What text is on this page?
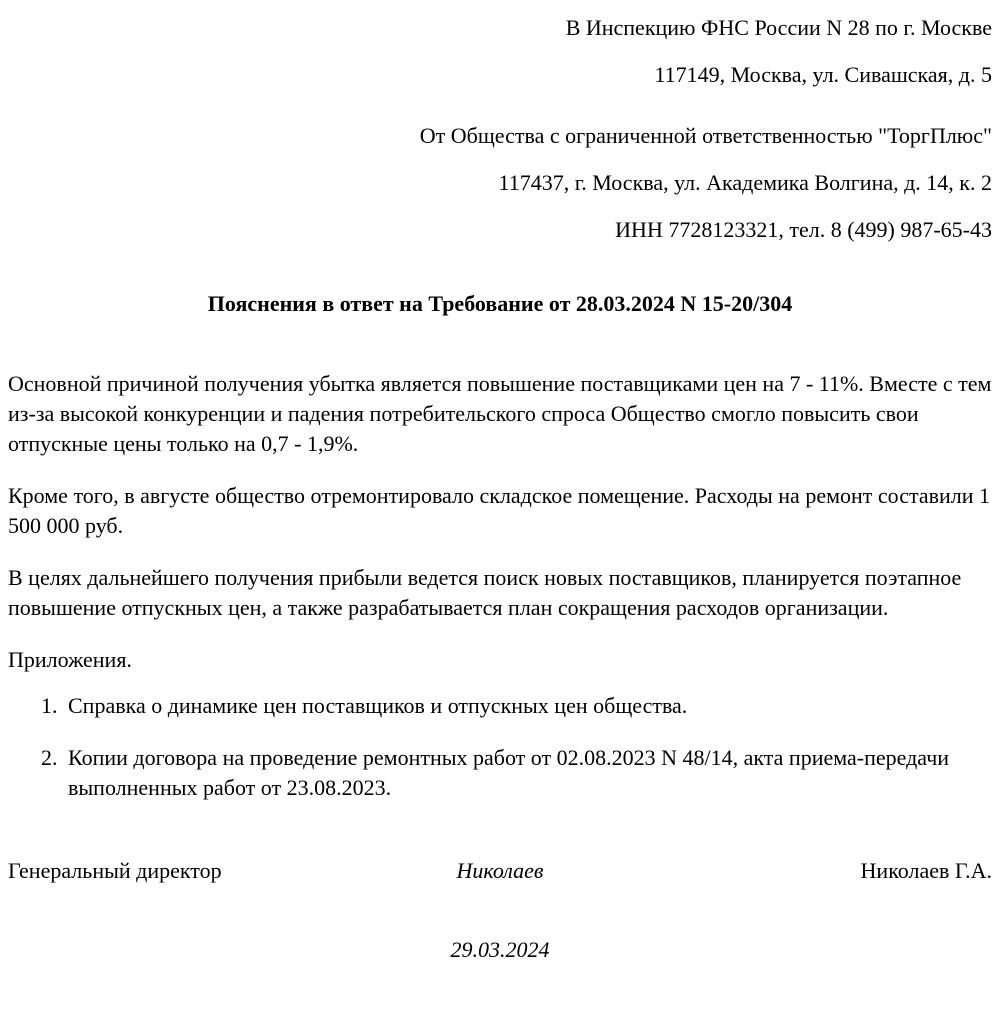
В Инспекцию ФНС России N 28 по г. Москве

117149, Москва, ул. Сивашская, д. 5

От Общества с ограниченной ответственностью "ТоргПлюс"

117437, г. Москва, ул. Академика Волгина, д. 14, к. 2

ИНН 7728123321, тел. 8 (499) 987-65-43

Пояснения в ответ на Требование от 28.03.2024 N 15-20/304

Основной причиной получения убытка является повышение поставщиками цен на 7 - 11%. Вместе с тем из-за высокой конкуренции и падения потребительского спроса Общество смогло повысить свои отпускные цены только на 0,7 - 1,9%.

Кроме того, в августе общество отремонтировало складское помещение. Расходы на ремонт составили 1 500 000 руб.

В целях дальнейшего получения прибыли ведется поиск новых поставщиков, планируется поэтапное повышение отпускных цен, а также разрабатывается план сокращения расходов организации.

Приложения.

1. Справка о динамике цен поставщиков и отпускных цен общества.
2. Копии договора на проведение ремонтных работ от 02.08.2023 N 48/14, акта приема-передачи выполненных работ от 23.08.2023.
Генеральный директор	Николаев	Николаев Г.А.

29.03.2024
